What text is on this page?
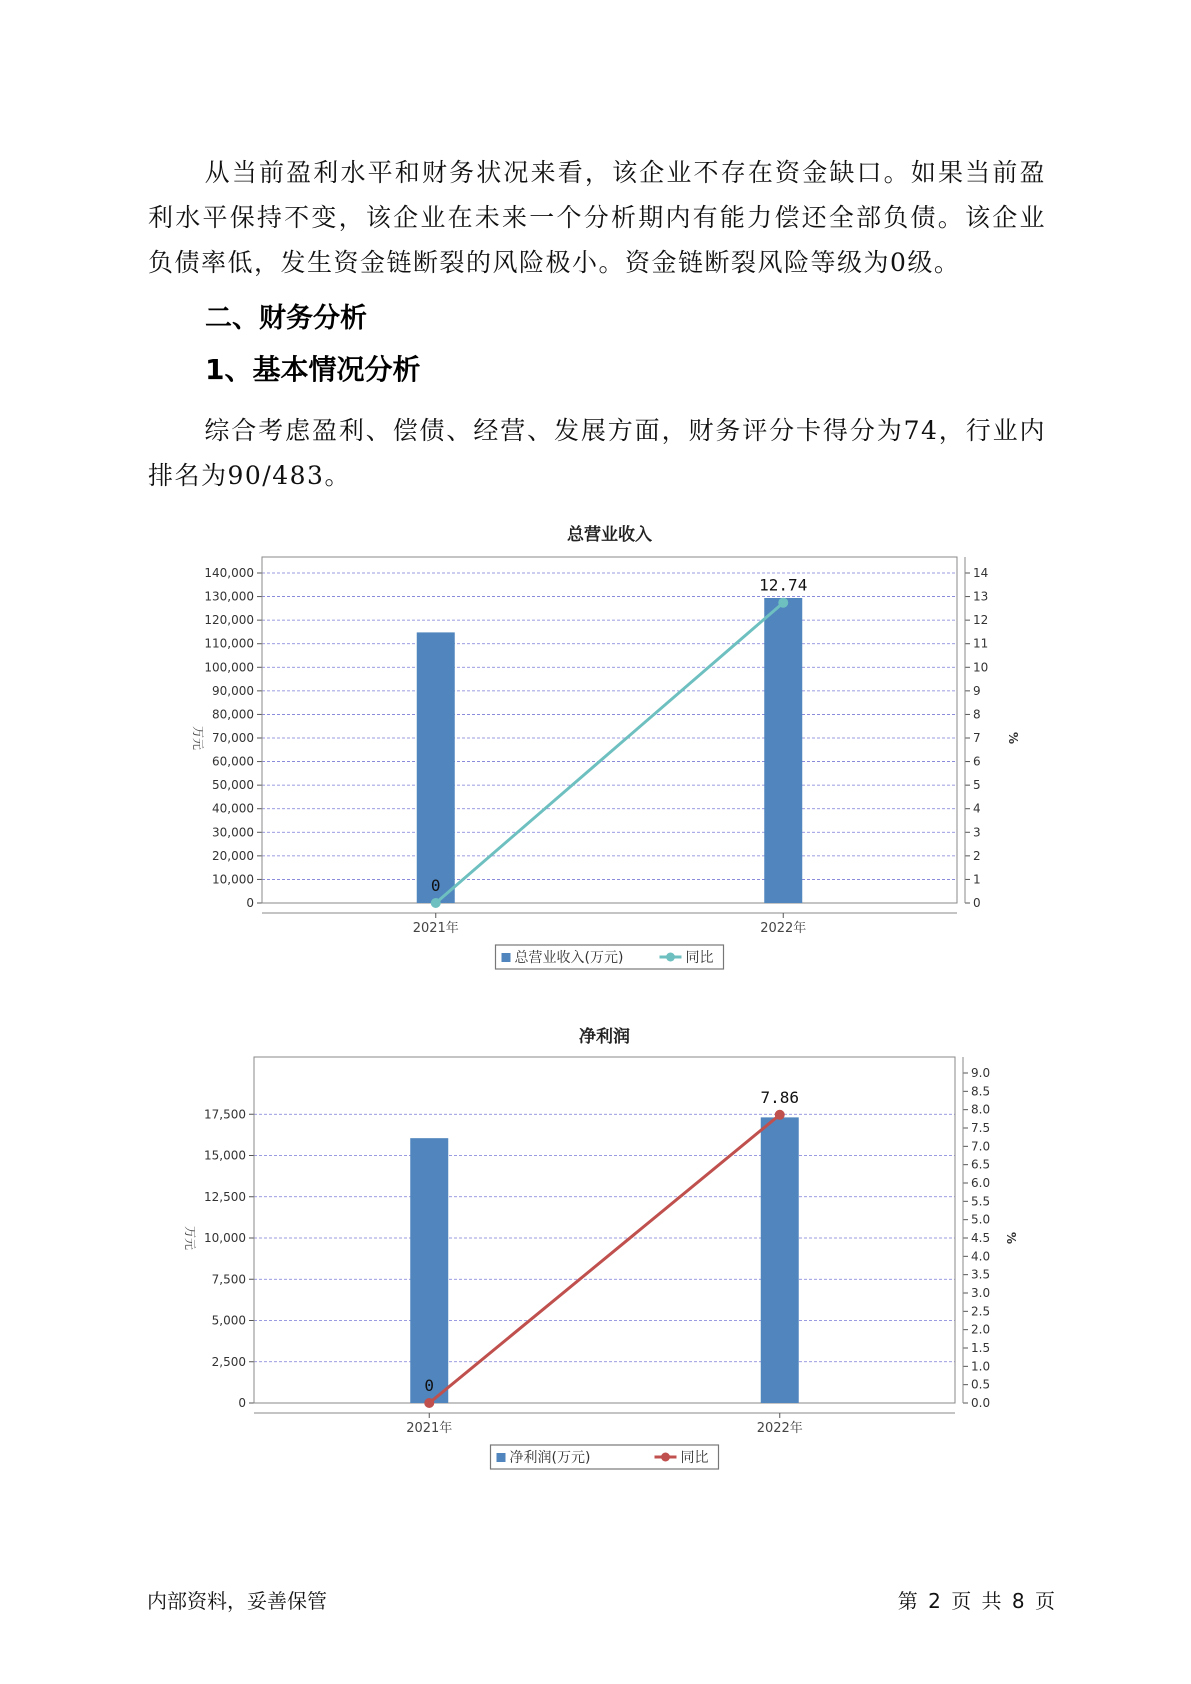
从当前盈利水平和财务状况来看，该企业不存在资金缺口。如果当前盈利水平保持不变，该企业在未来一个分析期内有能力偿还全部负债。该企业负债率低，发生资金链断裂的风险极小。资金链断裂风险等级为0级。

二、财务分析
1、基本情况分析

综合考虑盈利、偿债、经营、发展方面，财务评分卡得分为74，行业内排名为90/483。

总营业收入
0
10,000
20,000
30,000
40,000
50,000
60,000
70,000
80,000
90,000
100,000
110,000
120,000
130,000
140,000
0
1
2
3
4
5
6
7
8
9
10
11
12
13
14
万元	%
2021年	2022年
0
12.74
总营业收入(万元)	同比
净利润
0
2,500
5,000
7,500
10,000
12,500
15,000
17,500
0.0
0.5
1.0
1.5
2.0
2.5
3.0
3.5
4.0
4.5
5.0
5.5
6.0
6.5
7.0
7.5
8.0
8.5
9.0
万元	%
2021年	2022年
0
7.86
净利润(万元)	同比
内部资料，妥善保管	第 2 页 共 8 页
